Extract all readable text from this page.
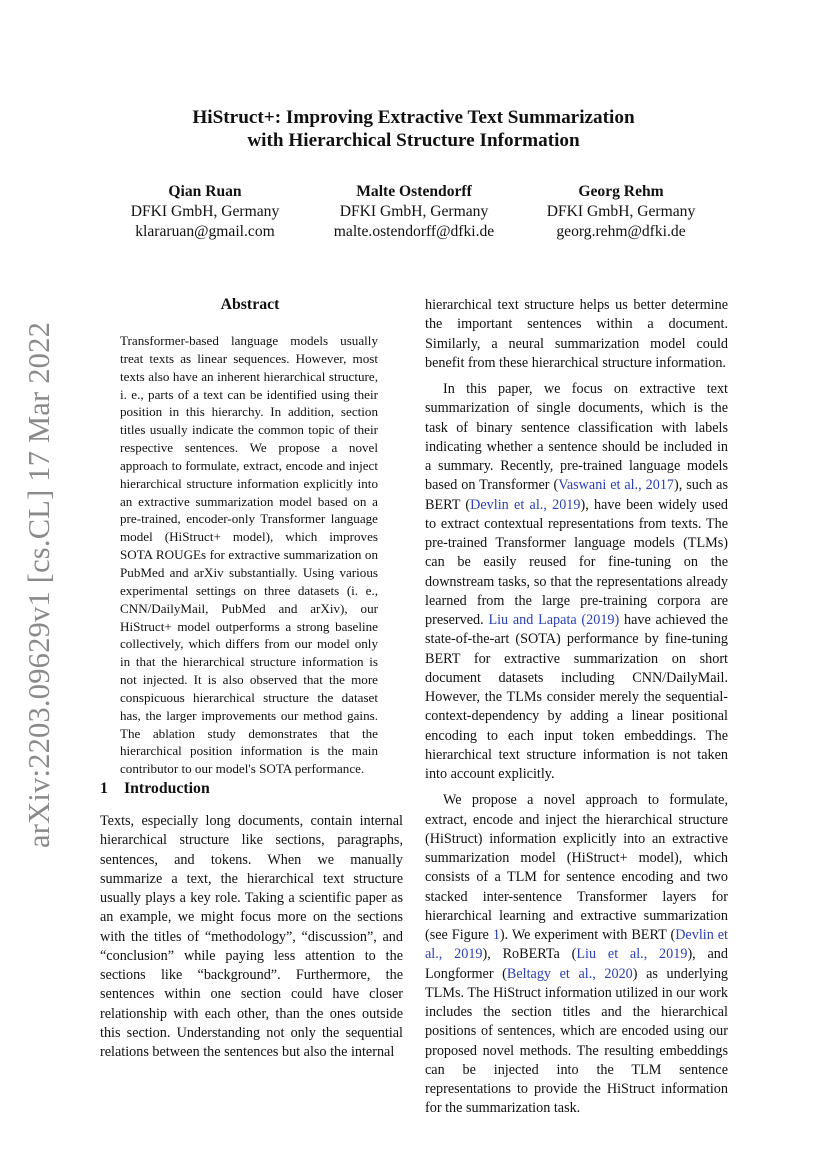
arXiv:2203.09629v1 [cs.CL] 17 Mar 2022
HiStruct+: Improving Extractive Text Summarization
with Hierarchical Structure Information
Qian Ruan
DFKI GmbH, Germany
klararuan@gmail.com
Malte Ostendorff
DFKI GmbH, Germany
malte.ostendorff@dfki.de
Georg Rehm
DFKI GmbH, Germany
georg.rehm@dfki.de
Abstract
Transformer-based language models usually treat texts as linear sequences. However, most texts also have an inherent hierarchical structure, i. e., parts of a text can be identified using their position in this hierarchy. In addition, section titles usually indicate the common topic of their respective sentences. We propose a novel approach to formulate, extract, encode and inject hierarchical structure information explicitly into an extractive summarization model based on a pre-trained, encoder-only Transformer language model (HiStruct+ model), which improves SOTA ROUGEs for extractive summarization on PubMed and arXiv substantially. Using various experimental settings on three datasets (i. e., CNN/DailyMail, PubMed and arXiv), our HiStruct+ model outperforms a strong baseline collectively, which differs from our model only in that the hierarchical structure information is not injected. It is also observed that the more conspicuous hierarchical structure the dataset has, the larger improvements our method gains. The ablation study demonstrates that the hierarchical position information is the main contributor to our model's SOTA performance.
1 Introduction

Texts, especially long documents, contain internal hierarchical structure like sections, paragraphs, sentences, and tokens. When we manually summarize a text, the hierarchical text structure usually plays a key role. Taking a scientific paper as an example, we might focus more on the sections with the titles of “methodology”, “discussion”, and “conclusion” while paying less attention to the sections like “background”. Furthermore, the sentences within one section could have closer relationship with each other, than the ones outside this section. Understanding not only the sequential relations between the sentences but also the internal

hierarchical text structure helps us better determine the important sentences within a document. Similarly, a neural summarization model could benefit from these hierarchical structure information.

In this paper, we focus on extractive text summarization of single documents, which is the task of binary sentence classification with labels indicating whether a sentence should be included in a summary. Recently, pre-trained language models based on Transformer (Vaswani et al., 2017), such as BERT (Devlin et al., 2019), have been widely used to extract contextual representations from texts. The pre-trained Transformer language models (TLMs) can be easily reused for fine-tuning on the downstream tasks, so that the representations already learned from the large pre-training corpora are preserved. Liu and Lapata (2019) have achieved the state-of-the-art (SOTA) performance by fine-tuning BERT for extractive summarization on short document datasets including CNN/DailyMail. However, the TLMs consider merely the sequential-context-dependency by adding a linear positional encoding to each input token embeddings. The hierarchical text structure information is not taken into account explicitly.

We propose a novel approach to formulate, extract, encode and inject the hierarchical structure (HiStruct) information explicitly into an extractive summarization model (HiStruct+ model), which consists of a TLM for sentence encoding and two stacked inter-sentence Transformer layers for hierarchical learning and extractive summarization (see Figure 1). We experiment with BERT (Devlin et al., 2019), RoBERTa (Liu et al., 2019), and Longformer (Beltagy et al., 2020) as underlying TLMs. The HiStruct information utilized in our work includes the section titles and the hierarchical positions of sentences, which are encoded using our proposed novel methods. The resulting embeddings can be injected into the TLM sentence representations to provide the HiStruct information for the summarization task.
